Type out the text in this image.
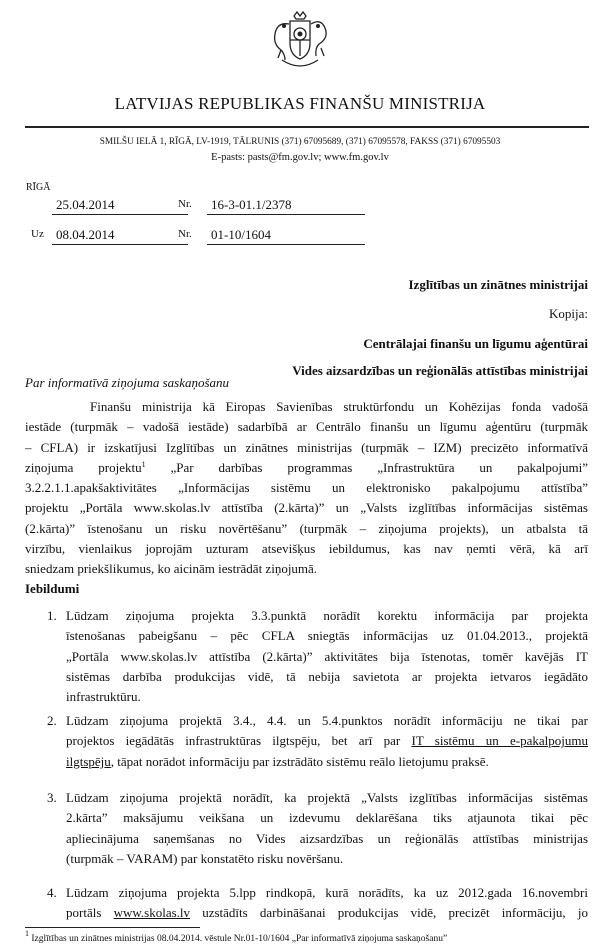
LATVIJAS REPUBLIKAS FINANŠU MINISTRIJA
SMILŠU IELĀ 1, RĪGĀ, LV-1919, TĀLRUNIS (371) 67095689, (371) 67095578, FAKSS (371) 67095503
E-pasts: pasts@fm.gov.lv; www.fm.gov.lv
RĪGĀ
25.04.2014	Nr.	16-3-01.1/2378
Uz 08.04.2014	Nr.	01-10/1604
Izglītības un zinātnes ministrijai
Kopija:
Centrālajai finanšu un līgumu aģentūrai
Vides aizsardzības un reģionālās attīstības ministrijai
Par informatīvā ziņojuma saskaņošanu
Finanšu ministrija kā Eiropas Savienības struktūrfondu un Kohēzijas fonda vadošā
iestāde (turpmāk – vadošā iestāde) sadarbībā ar Centrālo finanšu un līgumu aģentūru (turpmāk
– CFLA) ir izskatījusi Izglītības un zinātnes ministrijas (turpmāk – IZM) precizēto informatīvā
ziņojuma projektu$^1$ „Par darbības programmas „Infrastruktūra un pakalpojumi”
3.2.2.1.1.apakšaktivitātes „Informācijas sistēmu un elektronisko pakalpojumu attīstība”
projektu „Portāla www.skolas.lv attīstība (2.kārta)” un „Valsts izglītības informācijas sistēmas
(2.kārta)” īstenošanu un risku novērtēšanu” (turpmāk – ziņojuma projekts), un atbalsta tā
virzību, vienlaikus joprojām uzturam atsevišķus iebildumus, kas nav ņemti vērā, kā arī
sniedzam priekšlikumus, ko aicinām iestrādāt ziņojumā.
Iebildumi
1. Lūdzam ziņojuma projekta 3.3.punktā norādīt korektu informācija par projekta
īstenošanas pabeigšanu – pēc CFLA sniegtās informācijas uz 01.04.2013., projektā
„Portāla www.skolas.lv attīstība (2.kārta)” aktivitātes bija īstenotas, tomēr kavējās IT
sistēmas darbība produkcijas vidē, tā nebija savietota ar projekta ietvaros iegādāto
infrastruktūru.
2. Lūdzam ziņojuma projektā 3.4., 4.4. un 5.4.punktos norādīt informāciju ne tikai par
projektos iegādātās infrastruktūras ilgtspēju, bet arī par IT sistēmu un e-pakalpojumu
ilgtspēju, tāpat norādot informāciju par izstrādāto sistēmu reālo lietojumu praksē.
3. Lūdzam ziņojuma projektā norādīt, ka projektā „Valsts izglītības informācijas sistēmas
2.kārta” maksājumu veikšana un izdevumu deklarēšana tiks atjaunota tikai pēc
apliecinājuma saņemšanas no Vides aizsardzības un reģionālās attīstības ministrijas
(turpmāk – VARAM) par konstatēto risku novēršanu.
4. Lūdzam ziņojuma projekta 5.lpp rindkopā, kurā norādīts, ka uz 2012.gada 16.novembri
portāls www.skolas.lv uzstādīts darbināšanai produkcijas vidē, precizēt informāciju, jo
$^1$ Izglītības un zinātnes ministrijas 08.04.2014. vēstule Nr.01-10/1604 „Par informatīvā ziņojuma saskaņošanu”
